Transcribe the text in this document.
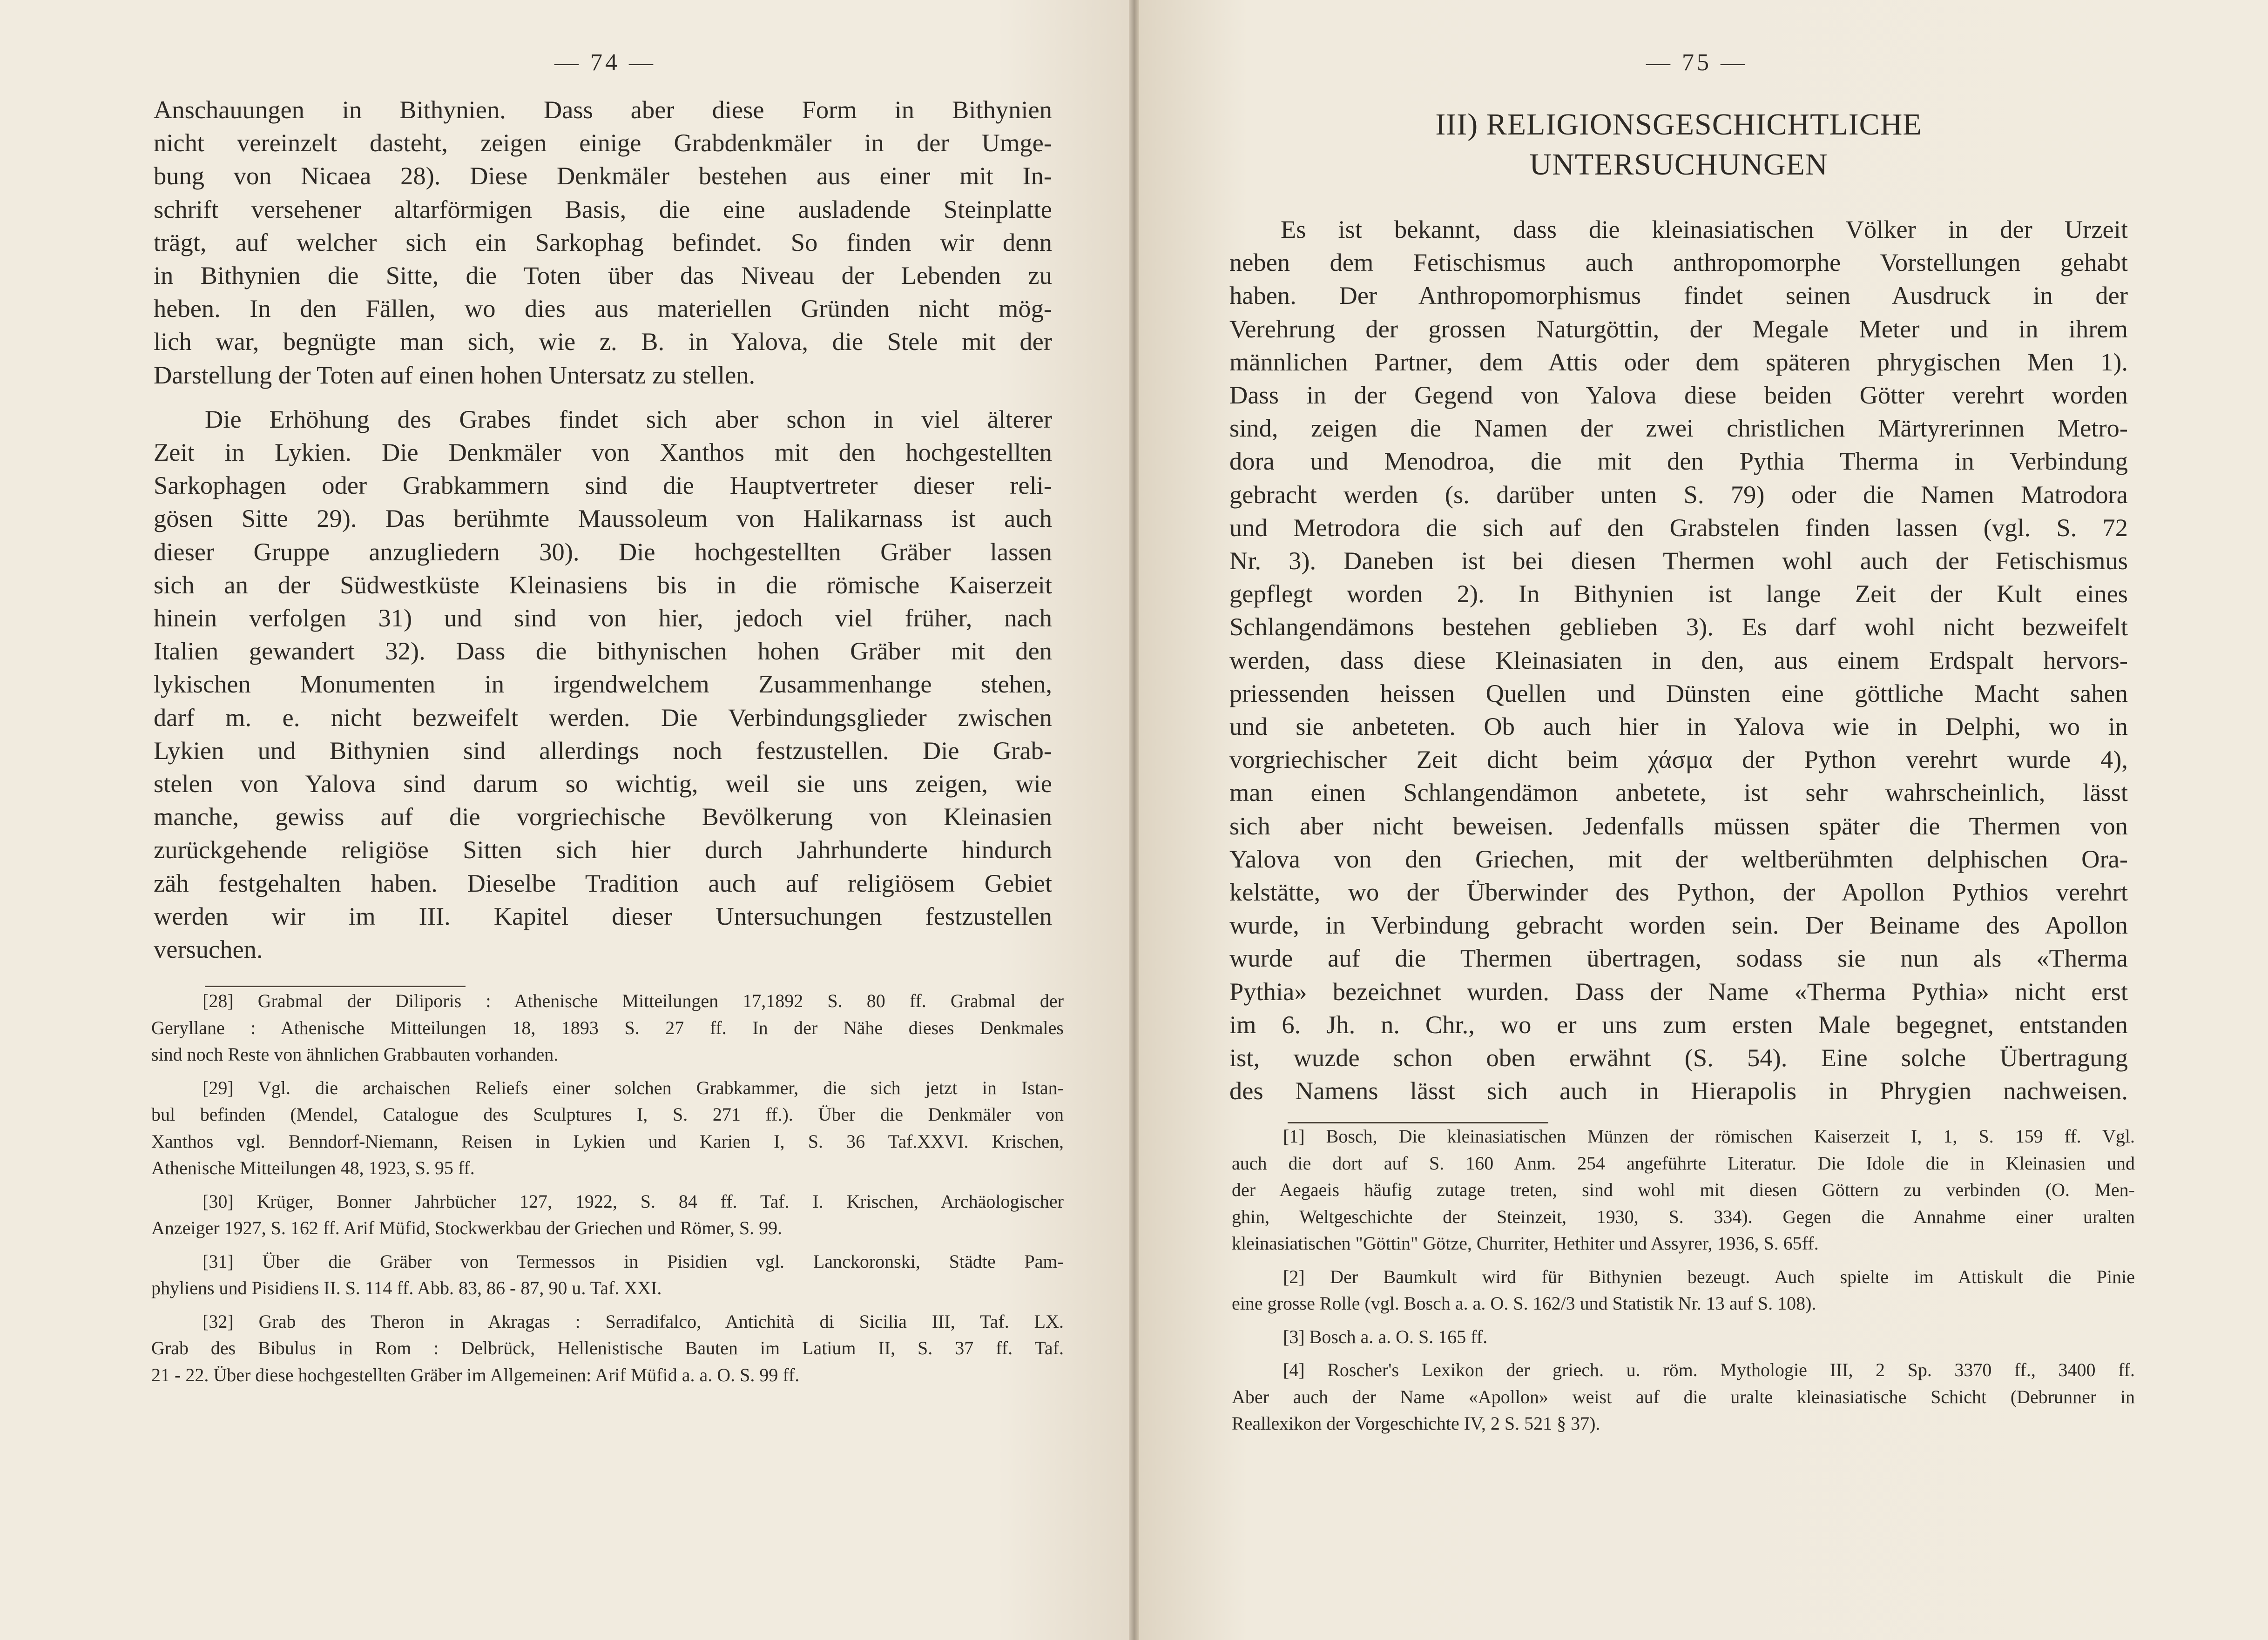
— 74 —

Anschauungen in Bithynien. Dass aber diese Form in Bithynien
nicht vereinzelt dasteht, zeigen einige Grabdenkmäler in der Umge-
bung von Nicaea 28). Diese Denkmäler bestehen aus einer mit In-
schrift versehener altarförmigen Basis, die eine ausladende Steinplatte
trägt, auf welcher sich ein Sarkophag befindet. So finden wir denn
in Bithynien die Sitte, die Toten über das Niveau der Lebenden zu
heben. In den Fällen, wo dies aus materiellen Gründen nicht mög-
lich war, begnügte man sich, wie z. B. in Yalova, die Stele mit der
Darstellung der Toten auf einen hohen Untersatz zu stellen.

Die Erhöhung des Grabes findet sich aber schon in viel älterer
Zeit in Lykien. Die Denkmäler von Xanthos mit den hochgestellten
Sarkophagen oder Grabkammern sind die Hauptvertreter dieser reli-
gösen Sitte 29). Das berühmte Maussoleum von Halikarnass ist auch
dieser Gruppe anzugliedern 30). Die hochgestellten Gräber lassen
sich an der Südwestküste Kleinasiens bis in die römische Kaiserzeit
hinein verfolgen 31) und sind von hier, jedoch viel früher, nach
Italien gewandert 32). Dass die bithynischen hohen Gräber mit den
lykischen Monumenten in irgendwelchem Zusammenhange stehen,
darf m. e. nicht bezweifelt werden. Die Verbindungsglieder zwischen
Lykien und Bithynien sind allerdings noch festzustellen. Die Grab-
stelen von Yalova sind darum so wichtig, weil sie uns zeigen, wie
manche, gewiss auf die vorgriechische Bevölkerung von Kleinasien
zurückgehende religiöse Sitten sich hier durch Jahrhunderte hindurch
zäh festgehalten haben. Dieselbe Tradition auch auf religiösem Gebiet
werden wir im III. Kapitel dieser Untersuchungen festzustellen
versuchen.

[28] Grabmal der Diliporis : Athenische Mitteilungen 17,1892 S. 80 ff. Grabmal der
Geryllane : Athenische Mitteilungen 18, 1893 S. 27 ff. In der Nähe dieses Denkmales
sind noch Reste von ähnlichen Grabbauten vorhanden.

[29] Vgl. die archaischen Reliefs einer solchen Grabkammer, die sich jetzt in Istan-
bul befinden (Mendel, Catalogue des Sculptures I, S. 271 ff.). Über die Denkmäler von
Xanthos vgl. Benndorf-Niemann, Reisen in Lykien und Karien I, S. 36 Taf.XXVI. Krischen,
Athenische Mitteilungen 48, 1923, S. 95 ff.

[30] Krüger, Bonner Jahrbücher 127, 1922, S. 84 ff. Taf. I. Krischen, Archäologischer
Anzeiger 1927, S. 162 ff. Arif Müfid, Stockwerkbau der Griechen und Römer, S. 99.

[31] Über die Gräber von Termessos in Pisidien vgl. Lanckoronski, Städte Pam-
phyliens und Pisidiens II. S. 114 ff. Abb. 83, 86 - 87, 90 u. Taf. XXI.

[32] Grab des Theron in Akragas : Serradifalco, Antichità di Sicilia III, Taf. LX.
Grab des Bibulus in Rom : Delbrück, Hellenistische Bauten im Latium II, S. 37 ff. Taf.
21 - 22. Über diese hochgestellten Gräber im Allgemeinen: Arif Müfid a. a. O. S. 99 ff.

— 75 —
III) RELIGIONSGESCHICHTLICHE
UNTERSUCHUNGEN

Es ist bekannt, dass die kleinasiatischen Völker in der Urzeit
neben dem Fetischismus auch anthropomorphe Vorstellungen gehabt
haben. Der Anthropomorphismus findet seinen Ausdruck in der
Verehrung der grossen Naturgöttin, der Megale Meter und in ihrem
männlichen Partner, dem Attis oder dem späteren phrygischen Men 1).
Dass in der Gegend von Yalova diese beiden Götter verehrt worden
sind, zeigen die Namen der zwei christlichen Märtyrerinnen Metro-
dora und Menodroa, die mit den Pythia Therma in Verbindung
gebracht werden (s. darüber unten S. 79) oder die Namen Matrodora
und Metrodora die sich auf den Grabstelen finden lassen (vgl. S. 72
Nr. 3). Daneben ist bei diesen Thermen wohl auch der Fetischismus
gepflegt worden 2). In Bithynien ist lange Zeit der Kult eines
Schlangendämons bestehen geblieben 3). Es darf wohl nicht bezweifelt
werden, dass diese Kleinasiaten in den, aus einem Erdspalt hervors-
priessenden heissen Quellen und Dünsten eine göttliche Macht sahen
und sie anbeteten. Ob auch hier in Yalova wie in Delphi, wo in
vorgriechischer Zeit dicht beim χάσμα der Python verehrt wurde 4),
man einen Schlangendämon anbetete, ist sehr wahrscheinlich, lässt
sich aber nicht beweisen. Jedenfalls müssen später die Thermen von
Yalova von den Griechen, mit der weltberühmten delphischen Ora-
kelstätte, wo der Überwinder des Python, der Apollon Pythios verehrt
wurde, in Verbindung gebracht worden sein. Der Beiname des Apollon
wurde auf die Thermen übertragen, sodass sie nun als «Therma
Pythia» bezeichnet wurden. Dass der Name «Therma Pythia» nicht erst
im 6. Jh. n. Chr., wo er uns zum ersten Male begegnet, entstanden
ist, wuzde schon oben erwähnt (S. 54). Eine solche Übertragung
des Namens lässt sich auch in Hierapolis in Phrygien nachweisen.

[1] Bosch, Die kleinasiatischen Münzen der römischen Kaiserzeit I, 1, S. 159 ff. Vgl.
auch die dort auf S. 160 Anm. 254 angeführte Literatur. Die Idole die in Kleinasien und
der Aegaeis häufig zutage treten, sind wohl mit diesen Göttern zu verbinden (O. Men-
ghin, Weltgeschichte der Steinzeit, 1930, S. 334). Gegen die Annahme einer uralten
kleinasiatischen "Göttin" Götze, Churriter, Hethiter und Assyrer, 1936, S. 65ff.

[2] Der Baumkult wird für Bithynien bezeugt. Auch spielte im Attiskult die Pinie
eine grosse Rolle (vgl. Bosch a. a. O. S. 162/3 und Statistik Nr. 13 auf S. 108).

[3] Bosch a. a. O. S. 165 ff.

[4] Roscher's Lexikon der griech. u. röm. Mythologie III, 2 Sp. 3370 ff., 3400 ff.
Aber auch der Name «Apollon» weist auf die uralte kleinasiatische Schicht (Debrunner in
Reallexikon der Vorgeschichte IV, 2 S. 521 § 37).
